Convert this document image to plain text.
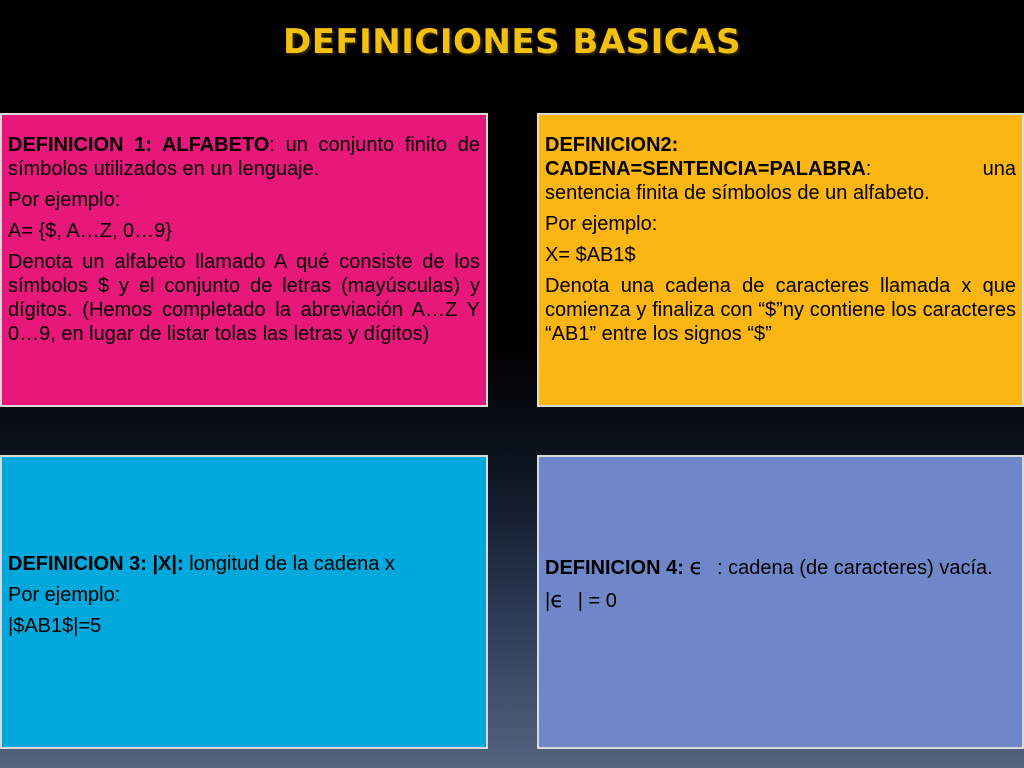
DEFINICIONES BASICAS

DEFINICION 1: ALFABETO: un conjunto finito de símbolos utilizados en un lenguaje.

Por ejemplo:

A= {$, A…Z, 0…9}

Denota un alfabeto llamado A qué consiste de los símbolos $ y el conjunto de letras (mayúsculas) y dígitos. (Hemos completado la abreviación A…Z Y 0…9, en lugar de listar tolas las letras y dígitos)

DEFINICION2:
CADENA=SENTENCIA=PALABRA:      una sentencia finita de símbolos de un alfabeto.

Por ejemplo:

X= $AB1$

Denota una cadena de caracteres llamada x que comienza y finaliza con “$”ny contiene los caracteres “AB1” entre los signos “$”

DEFINICION 3: |X|: longitud de la cadena x

Por ejemplo:

|$AB1$|=5

DEFINICION 4: ϵ : cadena (de caracteres) vacía.

|ϵ | = 0
